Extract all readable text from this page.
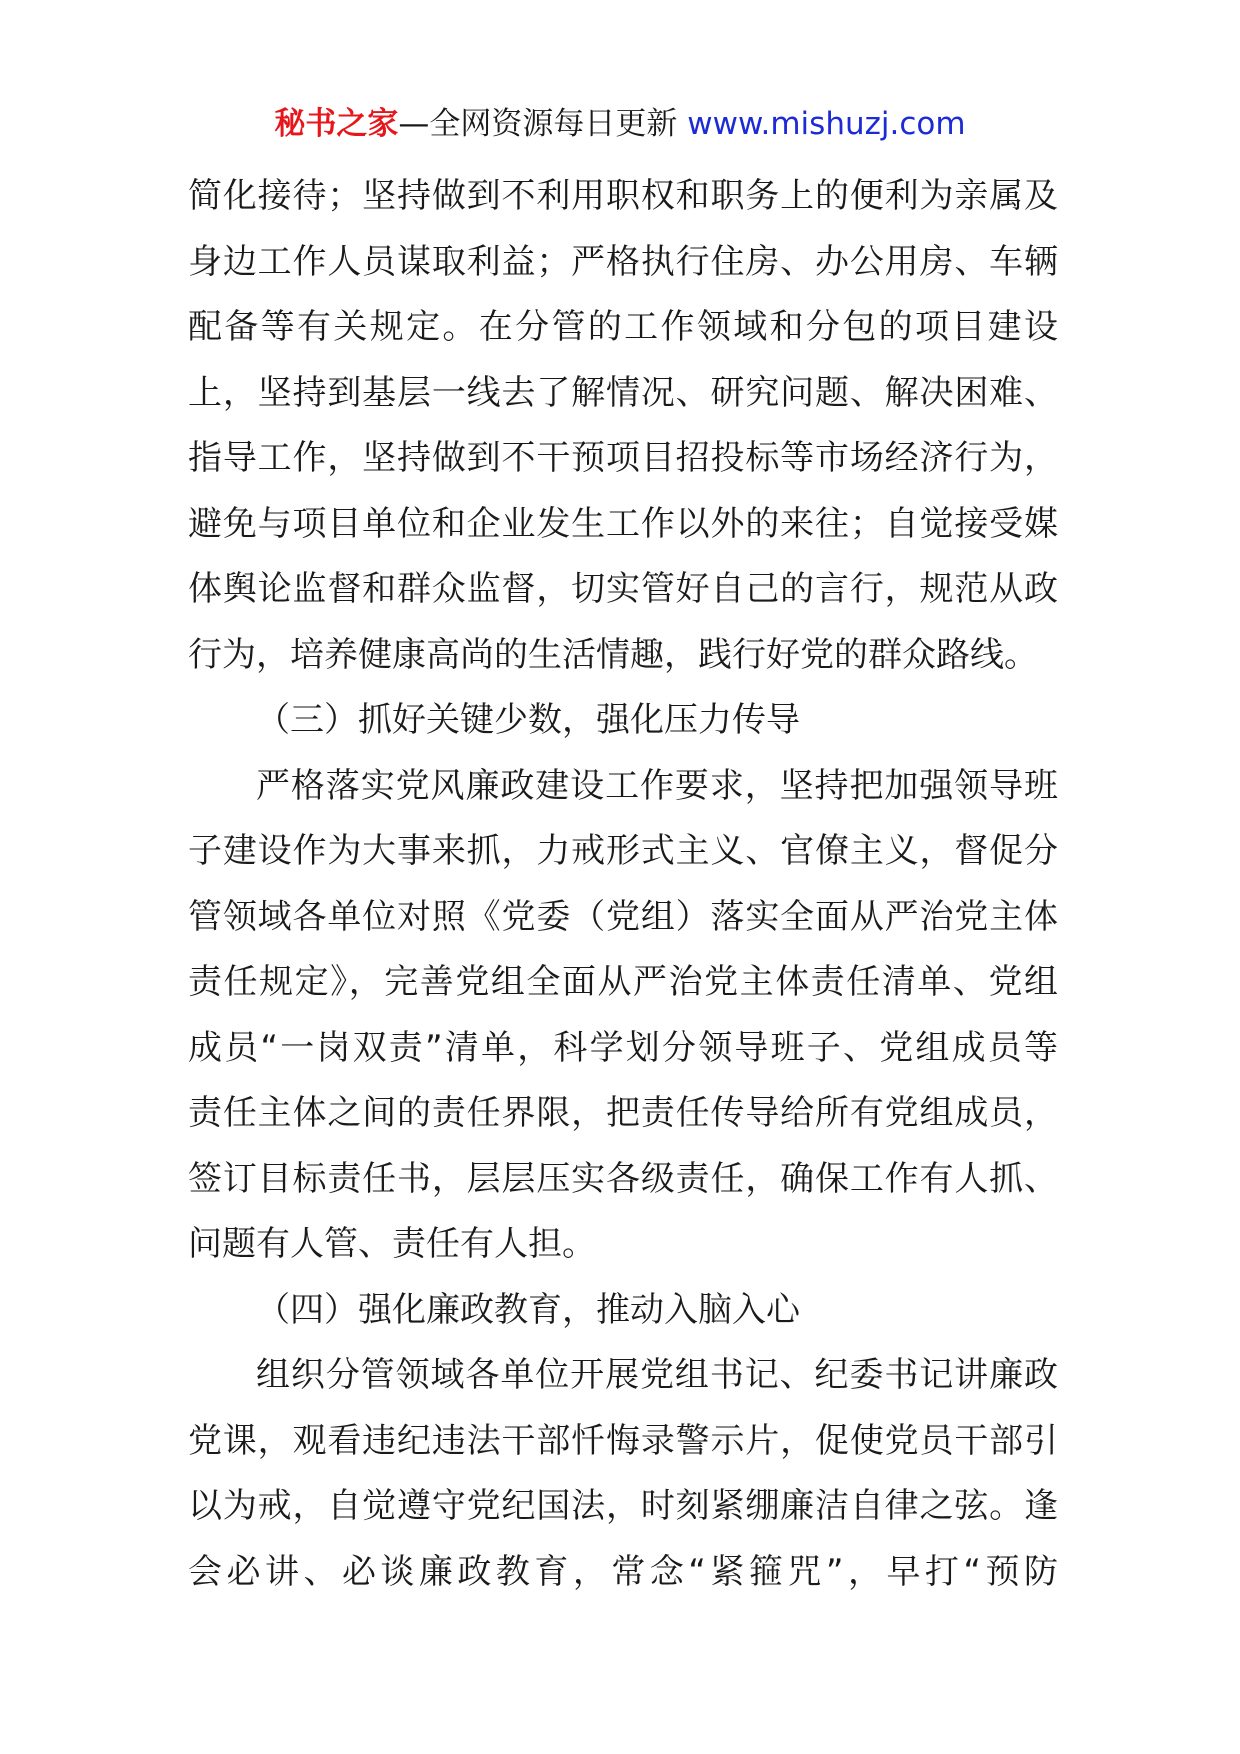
秘书之家—全网资源每日更新 www.mishuzj.com
简化接待；坚持做到不利用职权和职务上的便利为亲属及
身边工作人员谋取利益；严格执行住房、办公用房、车辆
配备等有关规定。在分管的工作领域和分包的项目建设
上，坚持到基层一线去了解情况、研究问题、解决困难、
指导工作，坚持做到不干预项目招投标等市场经济行为，
避免与项目单位和企业发生工作以外的来往；自觉接受媒
体舆论监督和群众监督，切实管好自己的言行，规范从政
行为，培养健康高尚的生活情趣，践行好党的群众路线。
（三）抓好关键少数，强化压力传导
严格落实党风廉政建设工作要求，坚持把加强领导班
子建设作为大事来抓，力戒形式主义、官僚主义，督促分
管领域各单位对照《党委（党组）落实全面从严治党主体
责任规定》，完善党组全面从严治党主体责任清单、党组
成员“一岗双责”清单，科学划分领导班子、党组成员等
责任主体之间的责任界限，把责任传导给所有党组成员，
签订目标责任书，层层压实各级责任，确保工作有人抓、
问题有人管、责任有人担。
（四）强化廉政教育，推动入脑入心
组织分管领域各单位开展党组书记、纪委书记讲廉政
党课，观看违纪违法干部忏悔录警示片，促使党员干部引
以为戒，自觉遵守党纪国法，时刻紧绷廉洁自律之弦。逢
会必讲、必谈廉政教育，常念“紧箍咒”，早打“预防
